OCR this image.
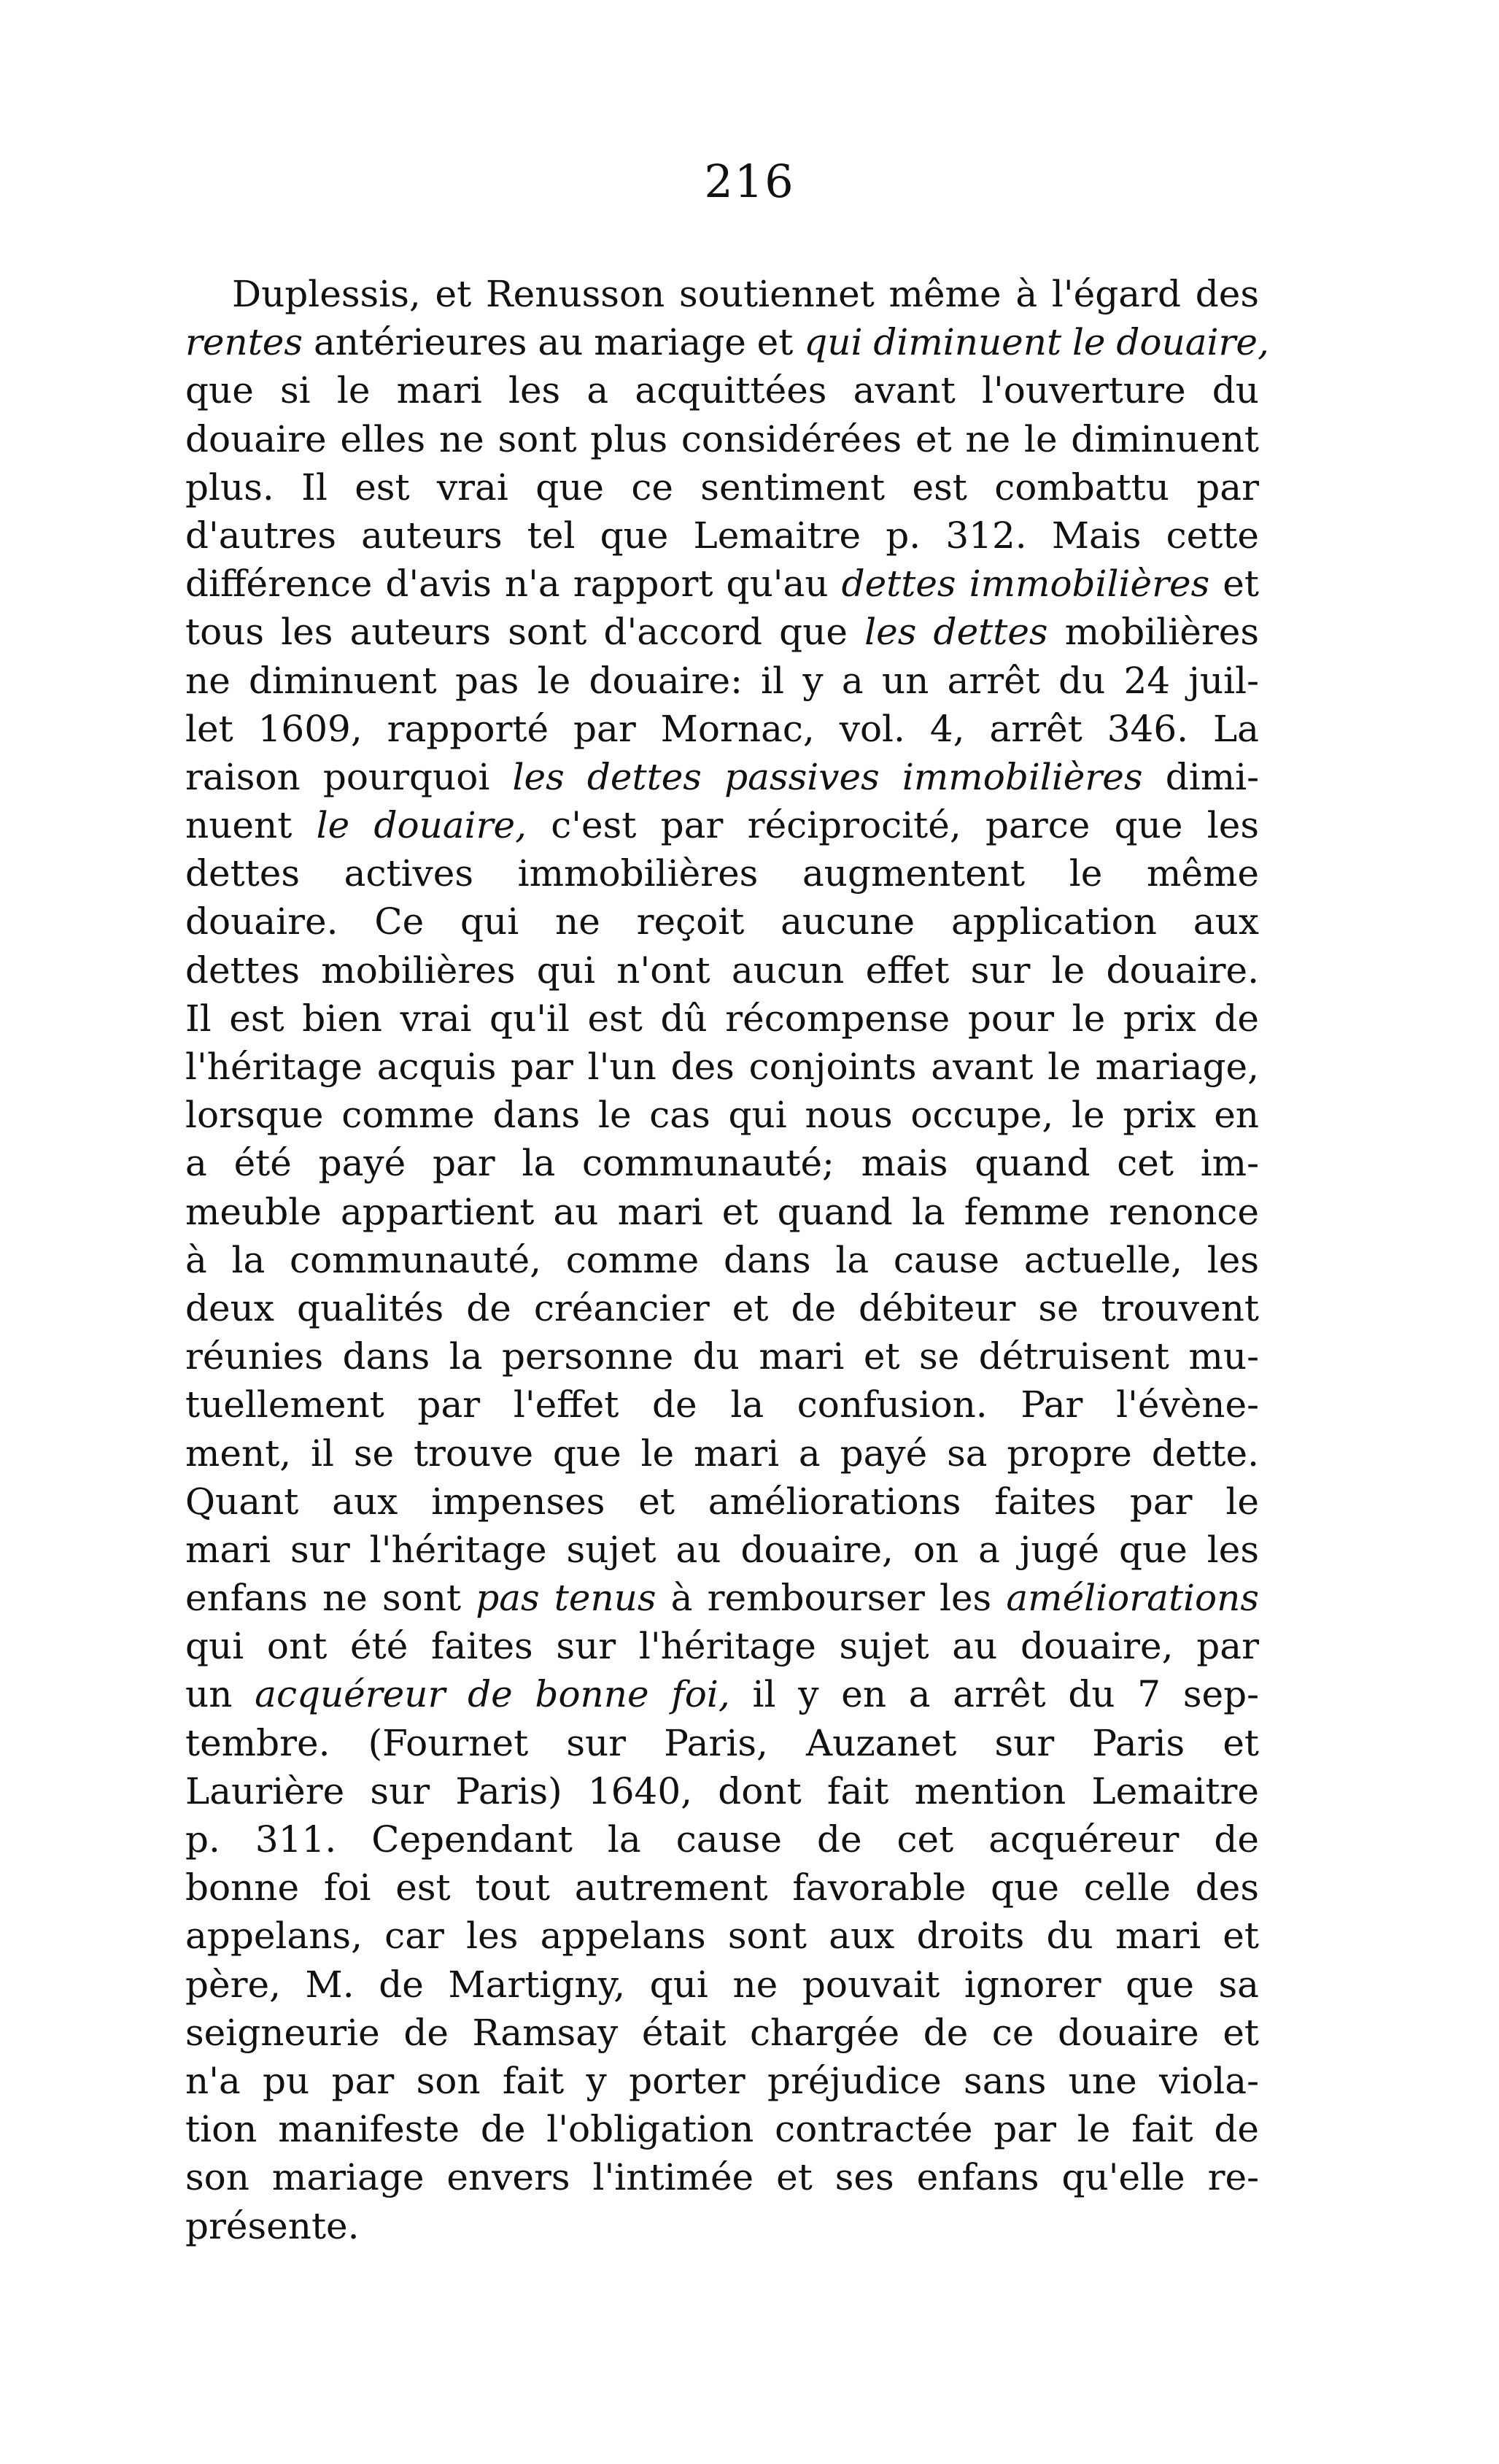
216
Duplessis, et Renusson soutiennet même à l'égard des
rentes antérieures au mariage et qui diminuent le douaire,
que si le mari les a acquittées avant l'ouverture du
douaire elles ne sont plus considérées et ne le diminuent
plus. Il est vrai que ce sentiment est combattu par
d'autres auteurs tel que Lemaitre p. 312. Mais cette
différence d'avis n'a rapport qu'au dettes immobilières et
tous les auteurs sont d'accord que les dettes mobilières
ne diminuent pas le douaire: il y a un arrêt du 24 juil-
let 1609, rapporté par Mornac, vol. 4, arrêt 346. La
raison pourquoi les dettes passives immobilières dimi-
nuent le douaire, c'est par réciprocité, parce que les
dettes actives immobilières augmentent le même
douaire. Ce qui ne reçoit aucune application aux
dettes mobilières qui n'ont aucun effet sur le douaire.
Il est bien vrai qu'il est dû récompense pour le prix de
l'héritage acquis par l'un des conjoints avant le mariage,
lorsque comme dans le cas qui nous occupe, le prix en
a été payé par la communauté; mais quand cet im-
meuble appartient au mari et quand la femme renonce
à la communauté, comme dans la cause actuelle, les
deux qualités de créancier et de débiteur se trouvent
réunies dans la personne du mari et se détruisent mu-
tuellement par l'effet de la confusion. Par l'évène-
ment, il se trouve que le mari a payé sa propre dette.
Quant aux impenses et améliorations faites par le
mari sur l'héritage sujet au douaire, on a jugé que les
enfans ne sont pas tenus à rembourser les améliorations
qui ont été faites sur l'héritage sujet au douaire, par
un acquéreur de bonne foi, il y en a arrêt du 7 sep-
tembre. (Fournet sur Paris, Auzanet sur Paris et
Laurière sur Paris) 1640, dont fait mention Lemaitre
p. 311. Cependant la cause de cet acquéreur de
bonne foi est tout autrement favorable que celle des
appelans, car les appelans sont aux droits du mari et
père, M. de Martigny, qui ne pouvait ignorer que sa
seigneurie de Ramsay était chargée de ce douaire et
n'a pu par son fait y porter préjudice sans une viola-
tion manifeste de l'obligation contractée par le fait de
son mariage envers l'intimée et ses enfans qu'elle re-
présente.
